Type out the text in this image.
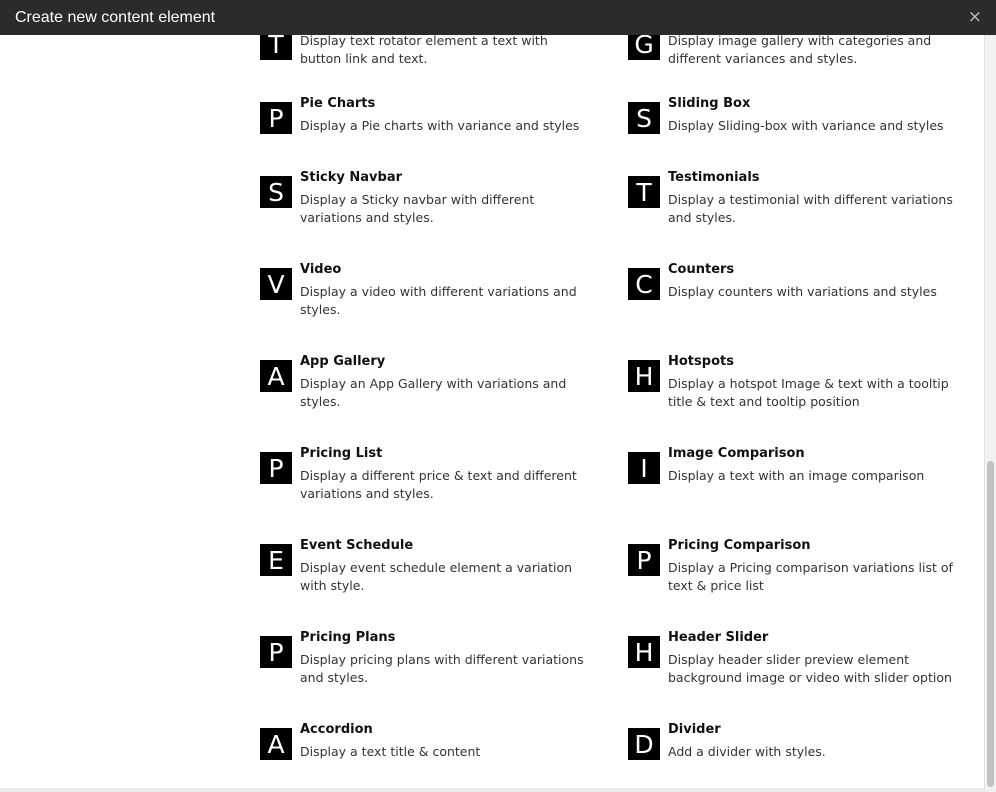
Create new content element	×
T	Display text rotator element a text with button link and text.	G	Display image gallery with categories and different variances and styles.
P	Pie Charts
Display a Pie charts with variance and styles	S	Sliding Box
Display Sliding-box with variance and styles
S	Sticky Navbar
Display a Sticky navbar with different variations and styles.
T	Testimonials
Display a testimonial with different variations and styles.
V	Video
Display a video with different variations and styles.
C	Counters
Display counters with variations and styles
A	App Gallery
Display an App Gallery with variations and styles.
H	Hotspots
Display a hotspot Image & text with a tooltip title & text and tooltip position
P	Pricing List
Display a different price & text and different variations and styles.
I	Image Comparison
Display a text with an image comparison
E	Event Schedule
Display event schedule element a variation with style.
P	Pricing Comparison
Display a Pricing comparison variations list of text & price list
P	Pricing Plans
Display pricing plans with different variations and styles.
H	Header Slider
Display header slider preview element background image or video with slider option
A	Accordion
Display a text title & content	D	Divider
Add a divider with styles.
